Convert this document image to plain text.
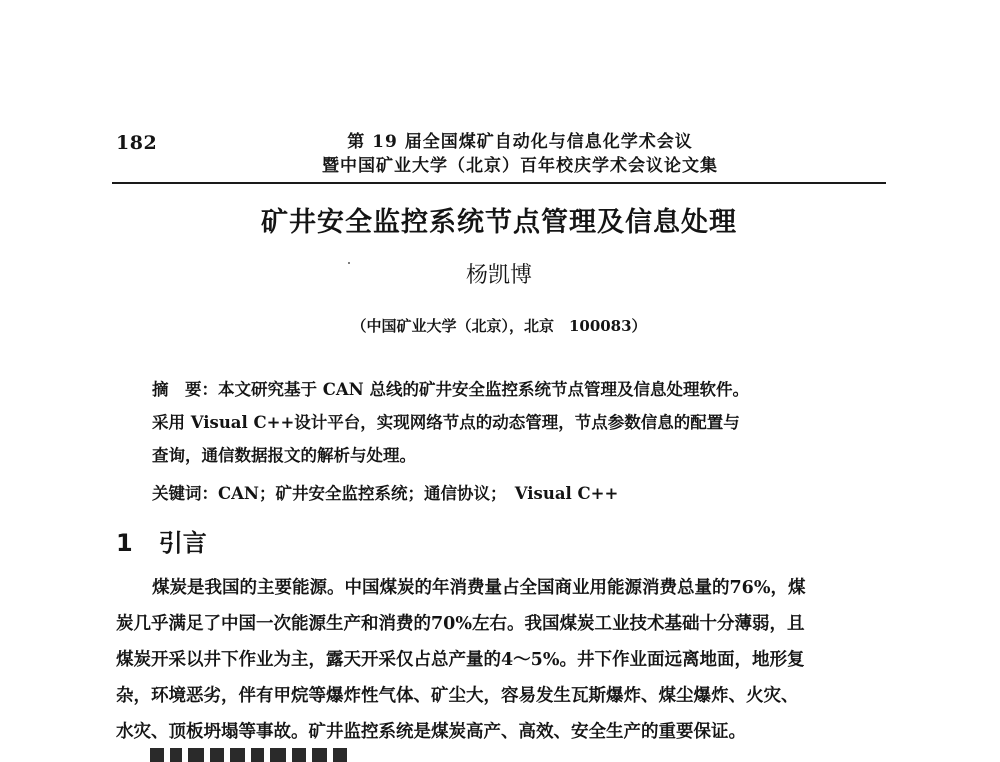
182	第 19 届全国煤矿自动化与信息化学术会议
暨中国矿业大学（北京）百年校庆学术会议论文集
矿井安全监控系统节点管理及信息处理
杨凯博
（中国矿业大学（北京），北京　100083）
摘　要：本文研究基于 CAN 总线的矿井安全监控系统节点管理及信息处理软件。
采用 Visual C++设计平台，实现网络节点的动态管理，节点参数信息的配置与
查询，通信数据报文的解析与处理。
关键词：CAN；矿井安全监控系统；通信协议；　Visual C++
1 引言
煤炭是我国的主要能源。中国煤炭的年消费量占全国商业用能源消费总量的76%，煤
炭几乎满足了中国一次能源生产和消费的70%左右。我国煤炭工业技术基础十分薄弱，且
煤炭开采以井下作业为主，露天开采仅占总产量的4～5%。井下作业面远离地面，地形复
杂，环境恶劣，伴有甲烷等爆炸性气体、矿尘大，容易发生瓦斯爆炸、煤尘爆炸、火灾、
水灾、顶板坍塌等事故。矿井监控系统是煤炭高产、高效、安全生产的重要保证。
